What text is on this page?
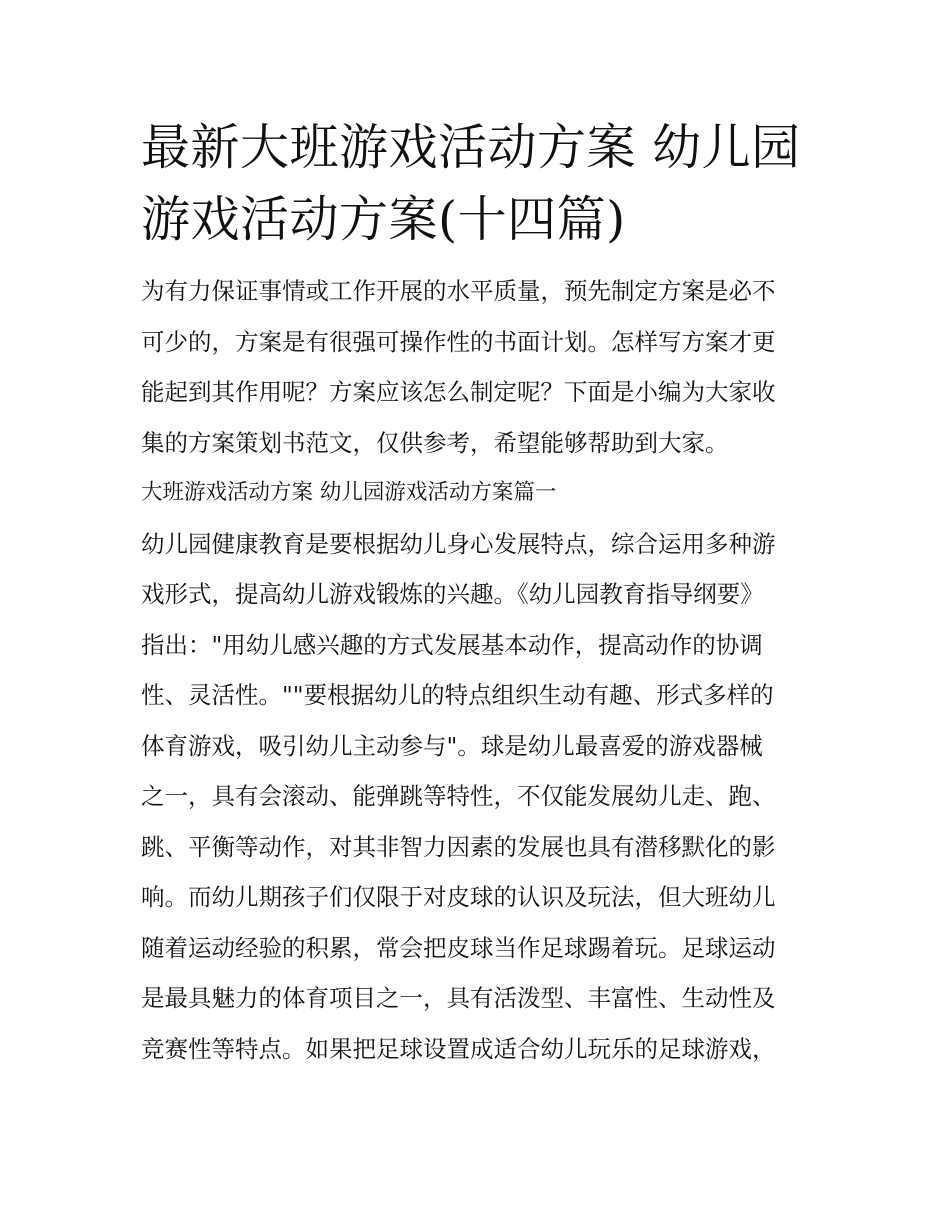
最新大班游戏活动方案 幼儿园
游戏活动方案(十四篇)
为有力保证事情或工作开展的水平质量，预先制定方案是必不
可少的，方案是有很强可操作性的书面计划。怎样写方案才更
能起到其作用呢？方案应该怎么制定呢？下面是小编为大家收
集的方案策划书范文，仅供参考，希望能够帮助到大家。
大班游戏活动方案 幼儿园游戏活动方案篇一
幼儿园健康教育是要根据幼儿身心发展特点，综合运用多种游
戏形式，提高幼儿游戏锻炼的兴趣。《幼儿园教育指导纲要》
指出："用幼儿感兴趣的方式发展基本动作，提高动作的协调
性、灵活性。""要根据幼儿的特点组织生动有趣、形式多样的
体育游戏，吸引幼儿主动参与"。球是幼儿最喜爱的游戏器械
之一，具有会滚动、能弹跳等特性，不仅能发展幼儿走、跑、
跳、平衡等动作，对其非智力因素的发展也具有潜移默化的影
响。而幼儿期孩子们仅限于对皮球的认识及玩法，但大班幼儿
随着运动经验的积累，常会把皮球当作足球踢着玩。足球运动
是最具魅力的体育项目之一，具有活泼型、丰富性、生动性及
竞赛性等特点。如果把足球设置成适合幼儿玩乐的足球游戏，
